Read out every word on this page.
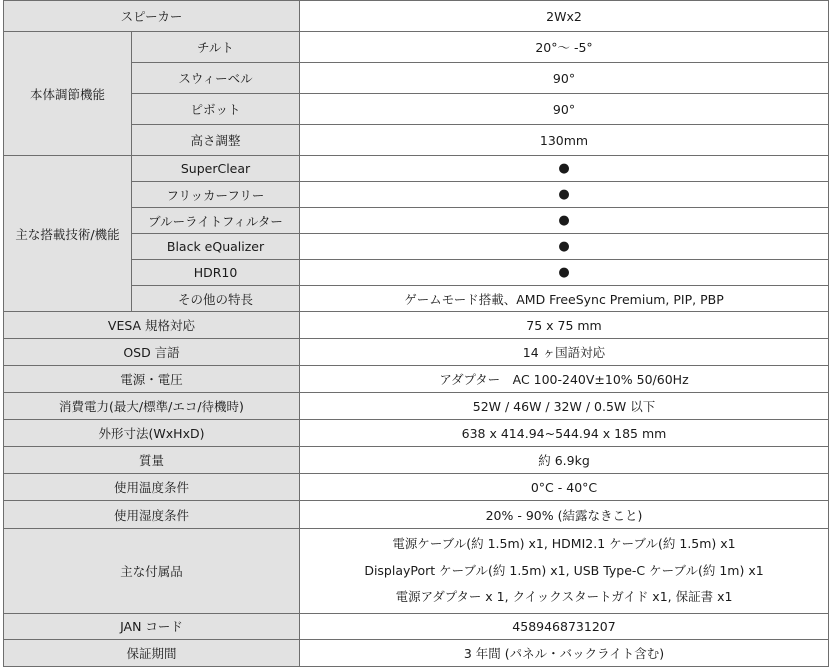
スピーカー		2Wx2
本体調節機能	チルト	20°～ -5°
	スウィーベル	90°
	ピボット	90°
	高さ調整	130mm
主な搭載技術/機能	SuperClear	●
	フリッカーフリー	●
	ブルーライトフィルター	●
	Black eQualizer	●
	HDR10	●
	その他の特長	ゲームモード搭載、AMD FreeSync Premium, PIP, PBP
VESA 規格対応		75 x 75 mm
OSD 言語		14 ヶ国語対応
電源・電圧		アダプター　AC 100-240V±10% 50/60Hz
消費電力(最大/標準/エコ/待機時)		52W / 46W / 32W / 0.5W 以下
外形寸法(WxHxD)		638 x 414.94~544.94 x 185 mm
質量		約 6.9kg
使用温度条件		0°C - 40°C
使用湿度条件		20% - 90% (結露なきこと)
主な付属品		電源ケーブル(約 1.5m) x1, HDMI2.1 ケーブル(約 1.5m) x1
DisplayPort ケーブル(約 1.5m) x1, USB Type-C ケーブル(約 1m) x1
電源アダプター x 1, クイックスタートガイド x1, 保証書 x1

JAN コード		4589468731207
保証期間		3 年間 (パネル・バックライト含む)
